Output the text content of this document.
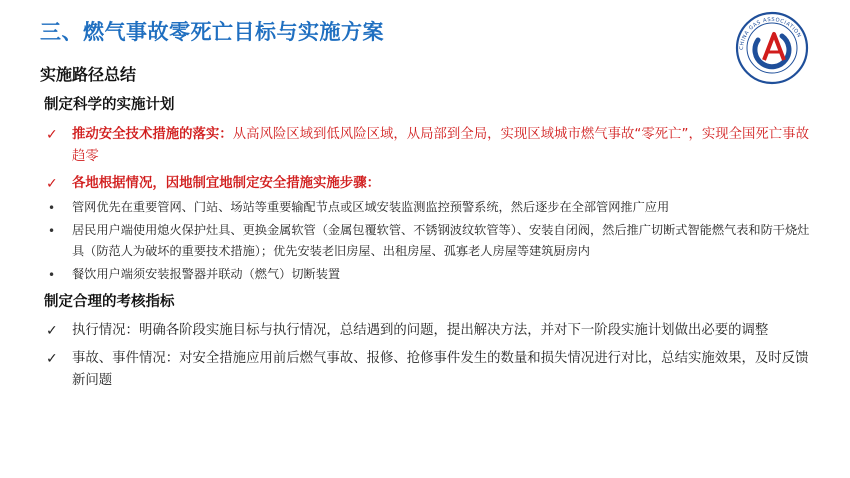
三、燃气事故零死亡目标与实施方案
CHINA GAS ASSOCIATION
实施路径总结
制定科学的实施计划
✓ 推动安全技术措施的落实：从高风险区域到低风险区域，从局部到全局，实现区域城市燃气事故“零死亡”，实现全国死亡事故趋零
✓ 各地根据情况，因地制宜地制定安全措施实施步骤：
• 管网优先在重要管网、门站、场站等重要输配节点或区域安装监测监控预警系统，然后逐步在全部管网推广应用
• 居民用户端使用熄火保护灶具、更换金属软管（金属包覆软管、不锈钢波纹软管等）、安装自闭阀，然后推广切断式智能燃气表和防干烧灶具（防范人为破坏的重要技术措施）；优先安装老旧房屋、出租房屋、孤寡老人房屋等建筑厨房内
• 餐饮用户端须安装报警器并联动（燃气）切断装置
制定合理的考核指标
✓ 执行情况：明确各阶段实施目标与执行情况，总结遇到的问题，提出解决方法，并对下一阶段实施计划做出必要的调整
✓ 事故、事件情况：对安全措施应用前后燃气事故、报修、抢修事件发生的数量和损失情况进行对比，总结实施效果，及时反馈新问题
